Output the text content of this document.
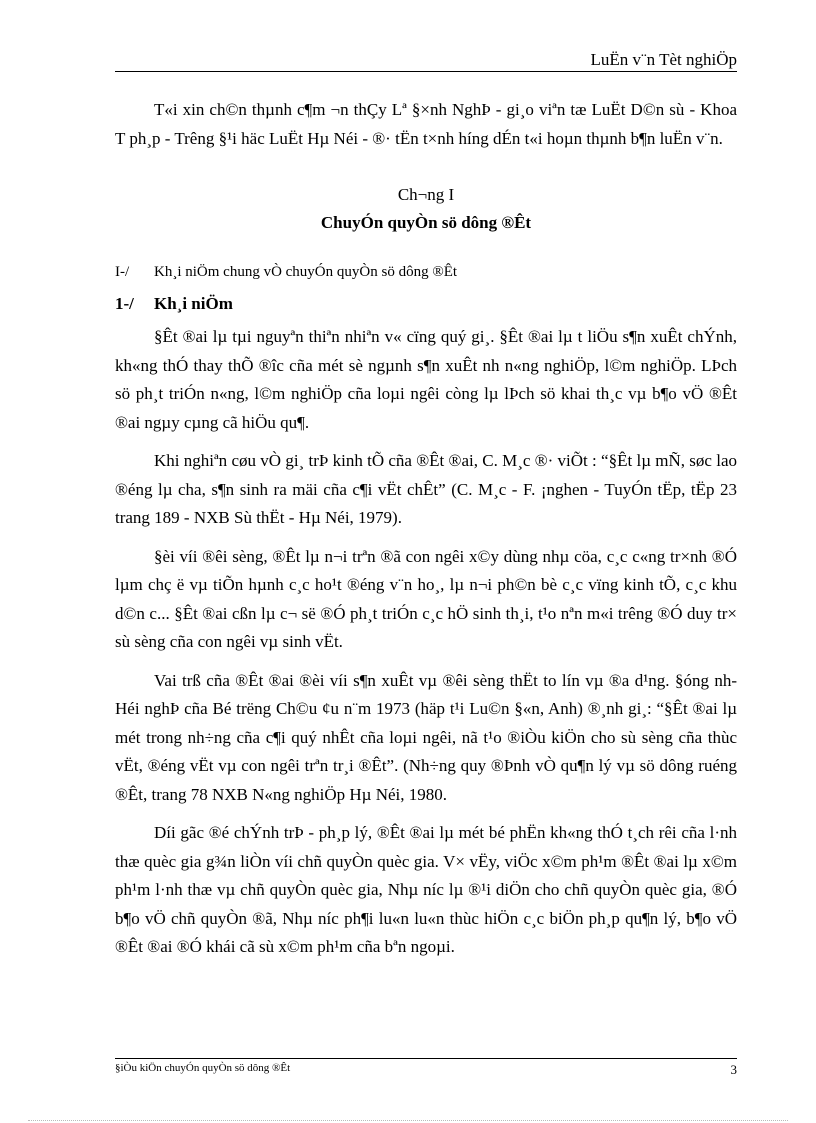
LuËn v¨n Tèt nghiÖp

T«i xin ch©n thµnh c¶m ¬n thÇy Lª §×nh NghÞ - gi¸o viªn tæ LuËt D©n sù - Khoa T ph¸p - Trêng §¹i häc LuËt Hµ Néi - ®· tËn t×nh híng dÉn t«i hoµn thµnh b¶n luËn v¨n.

Ch¬ng I
ChuyÓn quyÒn sö dông ®Êt
I-/	Kh¸i niÖm chung vÒ chuyÓn quyÒn sö dông ®Êt
1-/	Kh¸i niÖm

§Êt ®ai lµ tµi nguyªn thiªn nhiªn v« cïng quý gi¸. §Êt ®ai lµ t liÖu s¶n xuÊt chÝnh, kh«ng thÓ thay thÕ ®îc cña mét sè ngµnh s¶n xuÊt nh n«ng nghiÖp, l©m nghiÖp. LÞch sö ph¸t triÓn n«ng, l©m nghiÖp cña loµi ngêi còng lµ lÞch sö khai th¸c vµ b¶o vÖ ®Êt ®ai ngµy cµng cã hiÖu qu¶.

Khi nghiªn cøu vÒ gi¸ trÞ kinh tÕ cña ®Êt ®ai, C. M¸c ®· viÕt : “§Êt lµ mÑ, søc lao ®éng lµ cha, s¶n sinh ra mäi cña c¶i vËt chÊt” (C. M¸c - F. ¡nghen - TuyÓn tËp, tËp 23 trang 189 - NXB Sù thËt - Hµ Néi, 1979).

§èi víi ®êi sèng, ®Êt lµ n¬i trªn ®ã con ngêi x©y dùng nhµ cöa, c¸c c«ng tr×nh ®Ó lµm chç ë vµ tiÕn hµnh c¸c ho¹t ®éng v¨n ho¸, lµ n¬i ph©n bè c¸c vïng kinh tÕ, c¸c khu d©n c... §Êt ®ai cßn lµ c¬ së ®Ó ph¸t triÓn c¸c hÖ sinh th¸i, t¹o nªn m«i trêng ®Ó duy tr× sù sèng cña con ngêi vµ sinh vËt.

Vai trß cña ®Êt ®ai ®èi víi s¶n xuÊt vµ ®êi sèng thËt to lín vµ ®a d¹ng. §óng nh Héi nghÞ cña Bé trëng Ch©u ¢u n¨m 1973 (häp t¹i Lu©n §«n, Anh) ®¸nh gi¸: “§Êt ®ai lµ mét trong nh÷ng cña c¶i quý nhÊt cña loµi ngêi, nã t¹o ®iÒu kiÖn cho sù sèng cña thùc vËt, ®éng vËt vµ con ngêi trªn tr¸i ®Êt”. (Nh÷ng quy ®Þnh vÒ qu¶n lý vµ sö dông ruéng ®Êt, trang 78 NXB N«ng nghiÖp Hµ Néi, 1980.

Díi gãc ®é chÝnh trÞ - ph¸p lý, ®Êt ®ai lµ mét bé phËn kh«ng thÓ t¸ch rêi cña l·nh thæ quèc gia g¾n liÒn víi chñ quyÒn quèc gia. V× vËy, viÖc x©m ph¹m ®Êt ®ai lµ x©m ph¹m l·nh thæ vµ chñ quyÒn quèc gia, Nhµ níc lµ ®¹i diÖn cho chñ quyÒn quèc gia, ®Ó b¶o vÖ chñ quyÒn ®ã, Nhµ níc ph¶i lu«n lu«n thùc hiÖn c¸c biÖn ph¸p qu¶n lý, b¶o vÖ ®Êt ®ai ®Ó khái cã sù x©m ph¹m cña bªn ngoµi.

§iÒu kiÖn chuyÓn quyÒn sö dông ®Êt	3
